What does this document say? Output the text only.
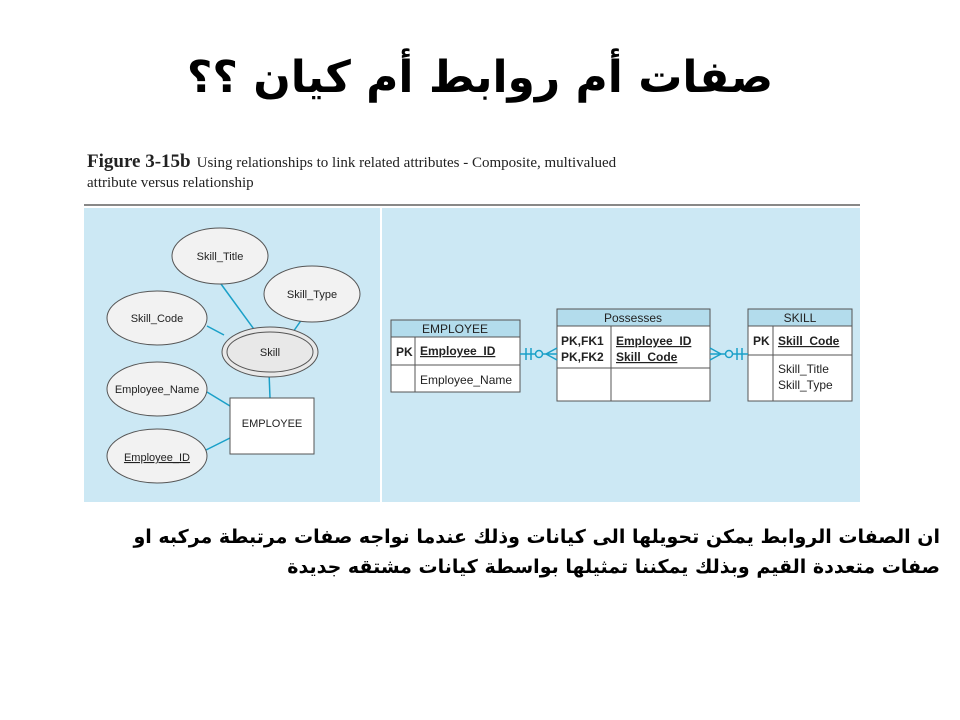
صفات أم روابط أم كيان ؟؟
Figure 3-15b Using relationships to link related attributes - Composite, multivalued attribute versus relationship
Skill_Title
Skill_Type
Skill_Code
Skill
Employee_Name
Employee_ID
EMPLOYEE
EMPLOYEE
PK Employee_ID
Employee_Name
Possesses
PK,FK1
PK,FK2
Employee_ID
Skill_Code
SKILL
PK Skill_Code
Skill_Title
Skill_Type
ان الصفات الروابط يمكن تحويلها الى كيانات وذلك عندما نواجه صفات مرتبطة مركبه او
صفات متعددة القيم وبذلك يمكننا تمثيلها بواسطة كيانات مشتقه جديدة
